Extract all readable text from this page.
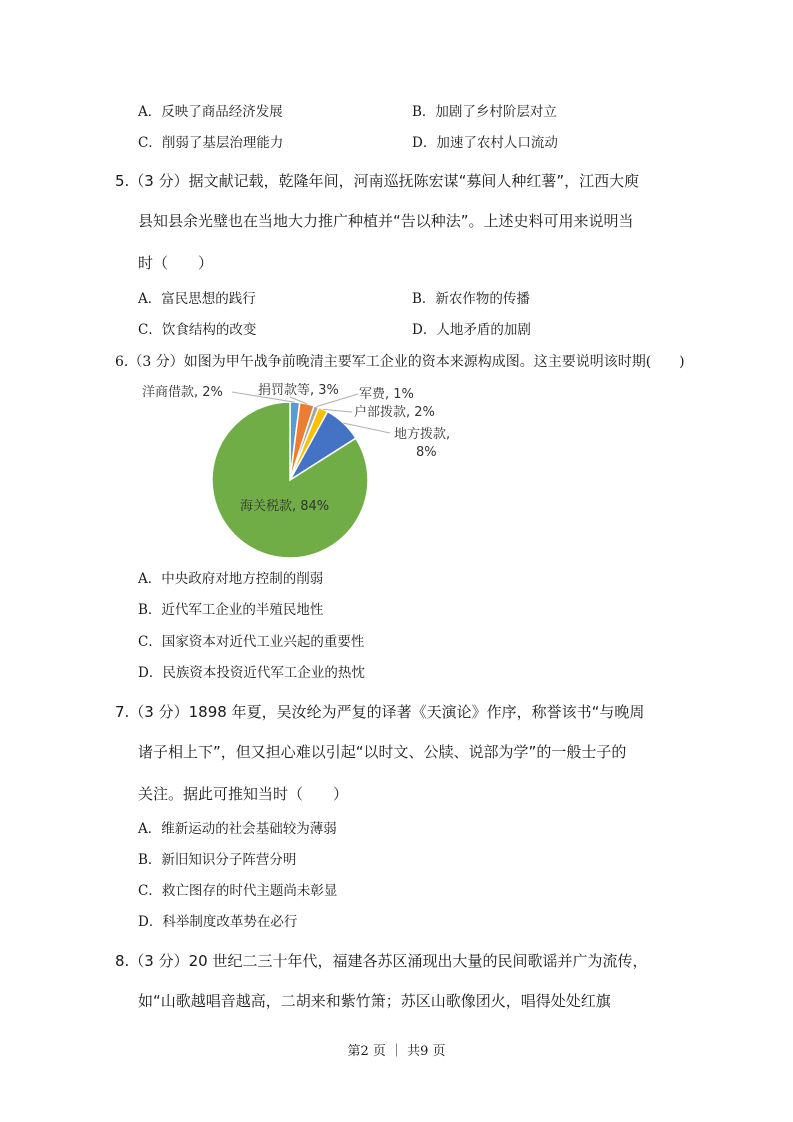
A．反映了商品经济发展	B．加剧了乡村阶层对立
C．削弱了基层治理能力	D．加速了农村人口流动
5.（3 分）据文献记载，乾隆年间，河南巡抚陈宏谋“募间人种红薯”，江西大庾
县知县余光璧也在当地大力推广种植并“告以种法”。上述史料可用来说明当
时（　　）
A．富民思想的践行	B．新农作物的传播
C．饮食结构的改变	D．人地矛盾的加剧
6.（3 分）如图为甲午战争前晚清主要军工企业的资本来源构成图。这主要说明该时期(　　)
海关税款, 84%
洋商借款, 2%	捐罚款等, 3% 军费, 1%
户部拨款, 2%
地方拨款,
8%
A．中央政府对地方控制的削弱
B．近代军工企业的半殖民地性
C．国家资本对近代工业兴起的重要性
D．民族资本投资近代军工企业的热忱
7.（3 分）1898 年夏，吴汝纶为严复的译著《天演论》作序，称誉该书“与晚周
诸子相上下”，但又担心难以引起“以时文、公牍、说部为学”的一般士子的
关注。据此可推知当时（　　）
A．维新运动的社会基础较为薄弱
B．新旧知识分子阵营分明
C．救亡图存的时代主题尚未彰显
D．科举制度改革势在必行
8.（3 分）20 世纪二三十年代，福建各苏区涌现出大量的民间歌谣并广为流传，
如“山歌越唱音越高，二胡来和紫竹箫；苏区山歌像团火，唱得处处红旗
第2 页 ｜ 共9 页
